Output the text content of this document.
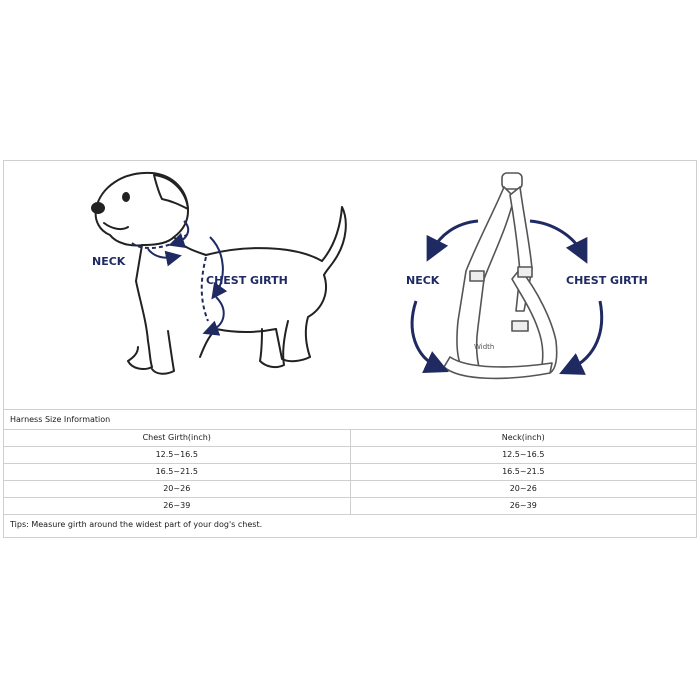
NECK
CHEST GIRTH
Width
NECK	CHEST GIRTH
Harness Size Information
Chest Girth(inch)	Neck(inch)
12.5~16.5	12.5~16.5
16.5~21.5	16.5~21.5
20~26	20~26
26~39	26~39
Tips: Measure girth around the widest part of your dog's chest.
